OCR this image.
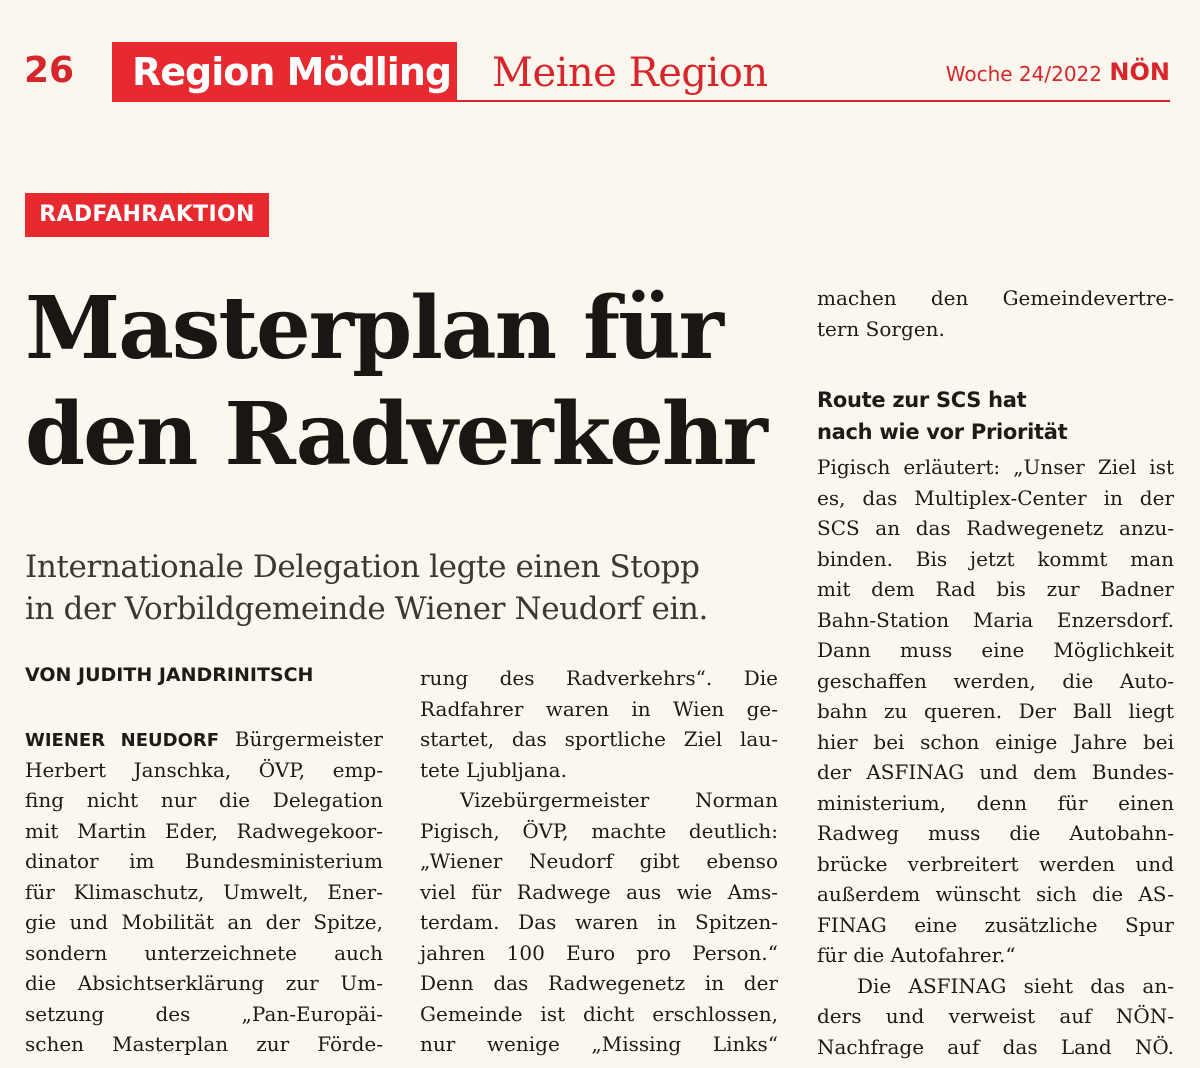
26	Region Mödling Meine Region	Woche 24/2022 NÖN
RADFAHRAKTION
Masterplan für
den Radverkehr
Internationale Delegation legte einen Stopp
in der Vorbildgemeinde Wiener Neudorf ein.
VON JUDITH JANDRINITSCH
WIENER NEUDORF Bürgermeister
Herbert Janschka, ÖVP, emp-
fing nicht nur die Delegation
mit Martin Eder, Radwegekoor-
dinator im Bundesministerium
für Klimaschutz, Umwelt, Ener-
gie und Mobilität an der Spitze,
sondern unterzeichnete auch
die Absichtserklärung zur Um-
setzung des „Pan-Europäi-
schen Masterplan zur Förde-
rung des Radverkehrs“. Die
Radfahrer waren in Wien ge-
startet, das sportliche Ziel lau-
tete Ljubljana.
Vizebürgermeister Norman
Pigisch, ÖVP, machte deutlich:
„Wiener Neudorf gibt ebenso
viel für Radwege aus wie Ams-
terdam. Das waren in Spitzen-
jahren 100 Euro pro Person.“
Denn das Radwegenetz in der
Gemeinde ist dicht erschlossen,
nur wenige „Missing Links“
machen den Gemeindevertre-
tern Sorgen.
Route zur SCS hat
nach wie vor Priorität
Pigisch erläutert: „Unser Ziel ist
es, das Multiplex-Center in der
SCS an das Radwegenetz anzu-
binden. Bis jetzt kommt man
mit dem Rad bis zur Badner
Bahn-Station Maria Enzersdorf.
Dann muss eine Möglichkeit
geschaffen werden, die Auto-
bahn zu queren. Der Ball liegt
hier bei schon einige Jahre bei
der ASFINAG und dem Bundes-
ministerium, denn für einen
Radweg muss die Autobahn-
brücke verbreitert werden und
außerdem wünscht sich die AS-
FINAG eine zusätzliche Spur
für die Autofahrer.“
Die ASFINAG sieht das an-
ders und verweist auf NÖN-
Nachfrage auf das Land NÖ.
